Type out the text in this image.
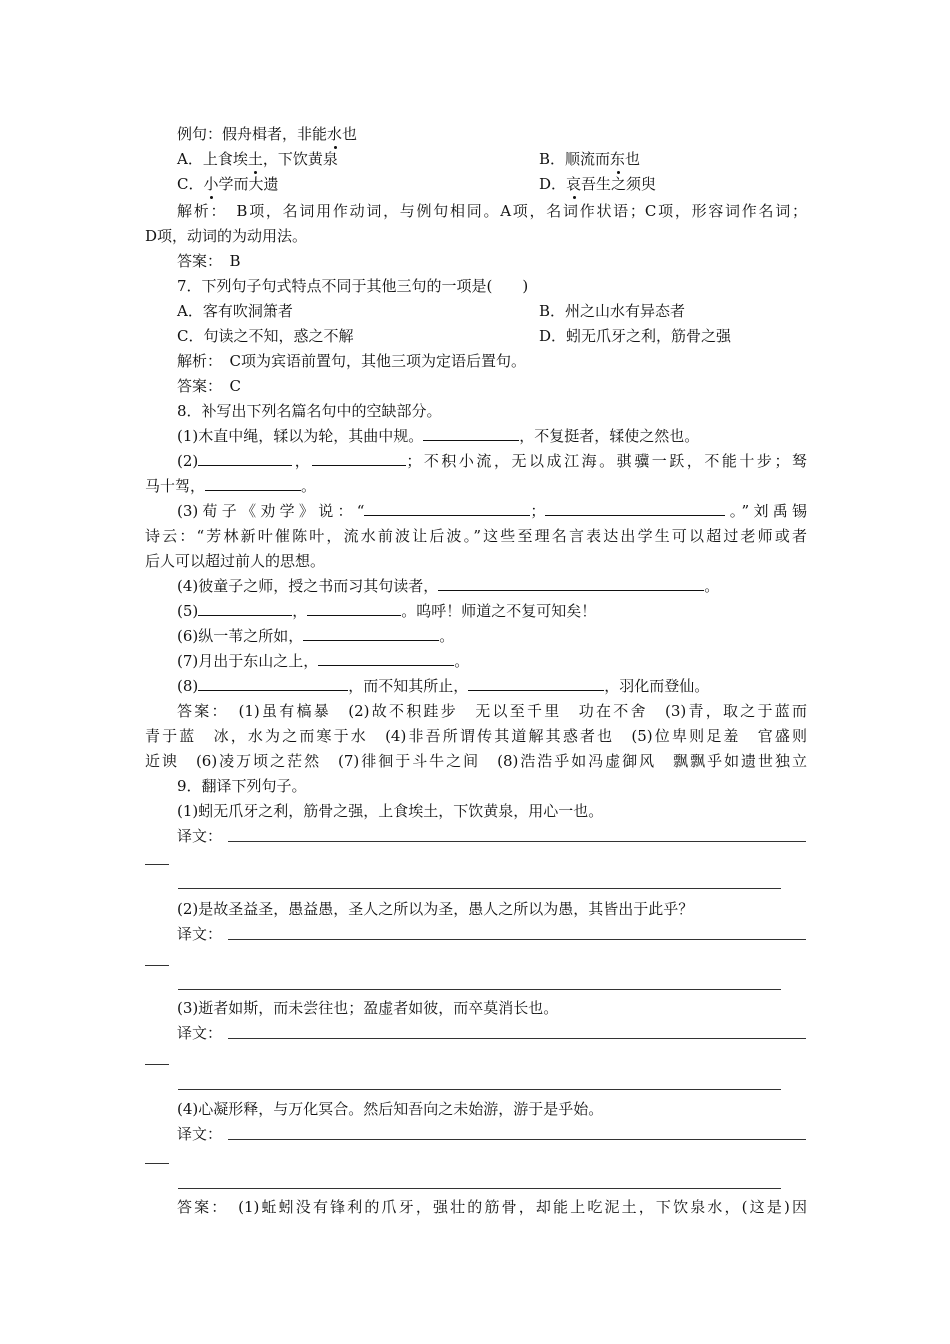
例句：假舟楫者，非能水也
A．上食埃土，下饮黄泉	B．顺流而东也
C．小学而大遗	D．哀吾生之须臾
解析：　B项，名词用作动词，与例句相同。A项，名词作状语；C项，形容词作名词；
D项，动词的为动用法。
答案：　B
7．下列句子句式特点不同于其他三句的一项是(　　)
A．客有吹洞箫者	B．州之山水有异态者
C．句读之不知，惑之不解	D．蚓无爪牙之利，筋骨之强
解析：　C项为宾语前置句，其他三项为定语后置句。
答案：　C
8．补写出下列名篇名句中的空缺部分。
(1)木直中绳，𫐓以为轮，其曲中规。	，不复挺者，𫐓使之然也。
(2)	，	；不积小流，无以成江海。骐骥一跃，不能十步；驽
马十驾，	。
(3)荀子《劝学》说：“	；	。”刘禹锡
诗云：“芳林新叶催陈叶，流水前波让后波。”这些至理名言表达出学生可以超过老师或者
后人可以超过前人的思想。
(4)彼童子之师，授之书而习其句读者，	。
(5)	，	。呜呼！师道之不复可知矣！
(6)纵一苇之所如，	。
(7)月出于东山之上，	。
(8)	，而不知其所止，	，羽化而登仙。
答案：　(1)虽有槁暴　(2)故不积跬步　无以至千里　功在不舍　(3)青，取之于蓝而
青于蓝　冰，水为之而寒于水　(4)非吾所谓传其道解其惑者也　(5)位卑则足羞　官盛则
近谀　(6)凌万顷之茫然　(7)徘徊于斗牛之间　(8)浩浩乎如冯虚御风　飘飘乎如遗世独立
9．翻译下列句子。
(1)蚓无爪牙之利，筋骨之强，上食埃土，下饮黄泉，用心一也。
译文：
(2)是故圣益圣，愚益愚，圣人之所以为圣，愚人之所以为愚，其皆出于此乎？
译文：
(3)逝者如斯，而未尝往也；盈虚者如彼，而卒莫消长也。
译文：
(4)心凝形释，与万化冥合。然后知吾向之未始游，游于是乎始。
译文：
答案：　(1)蚯蚓没有锋利的爪牙，强壮的筋骨，却能上吃泥土，下饮泉水，(这是)因
